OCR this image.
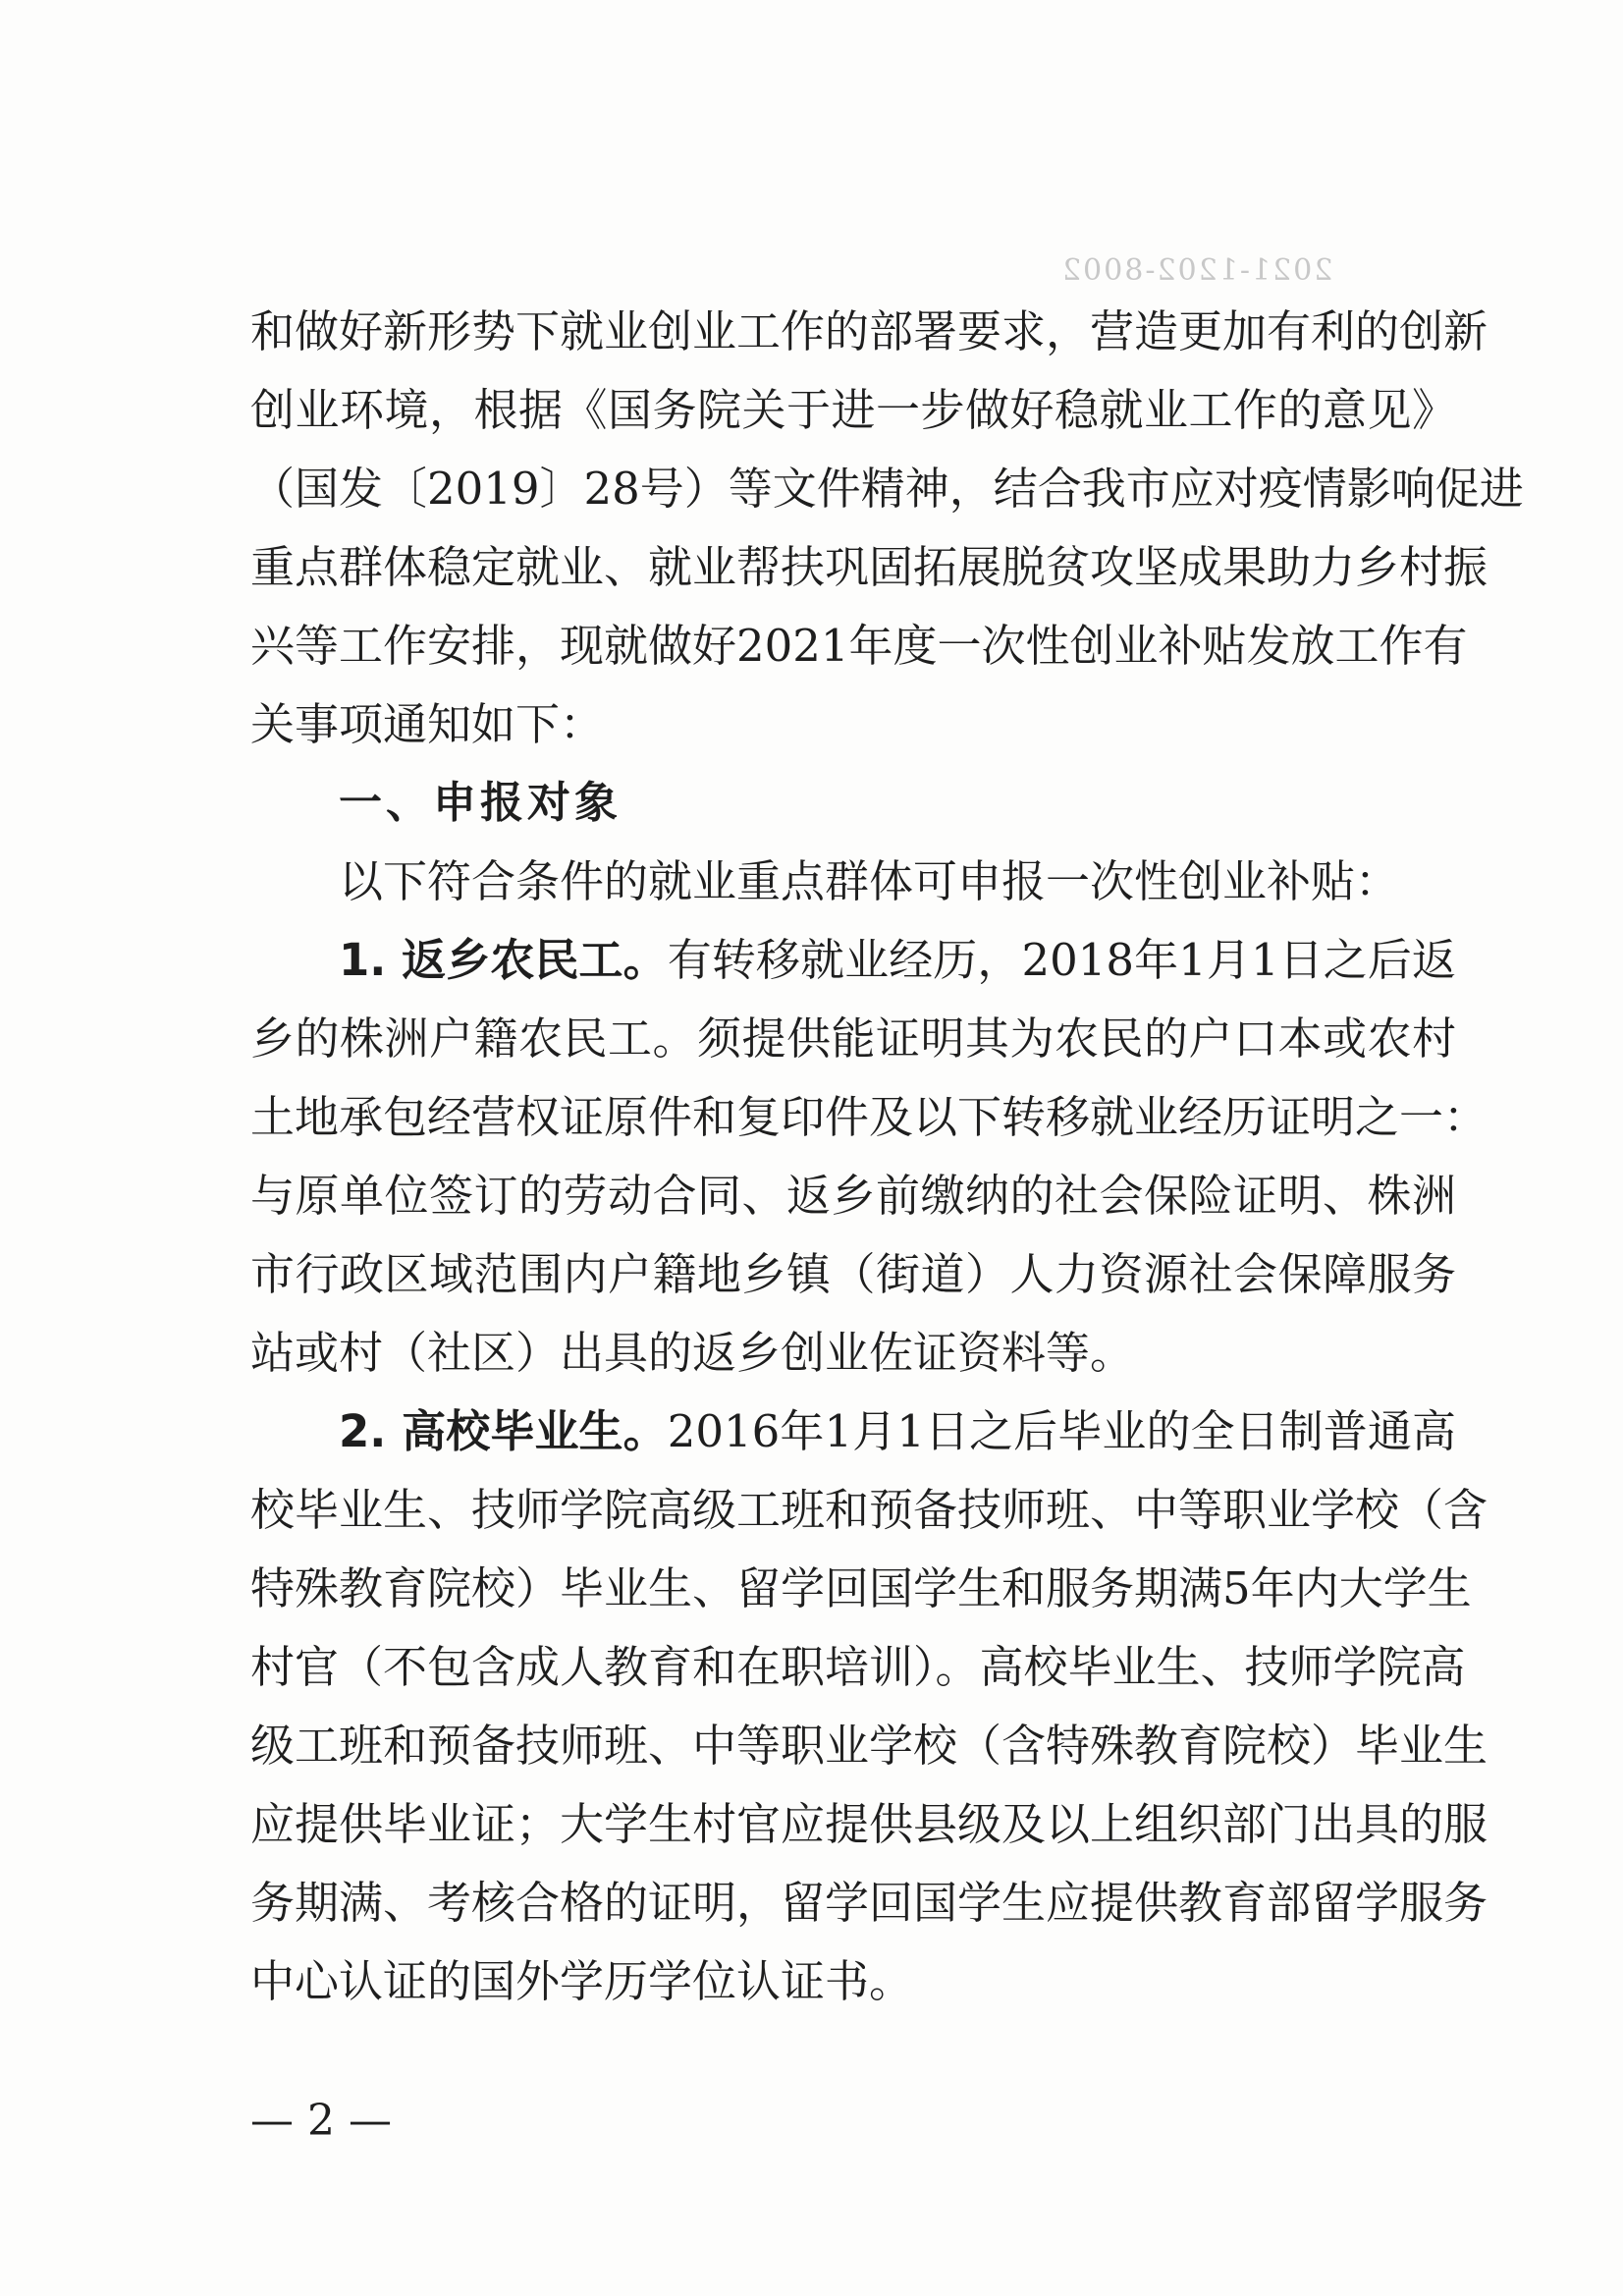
2021-1202-8002
和做好新形势下就业创业工作的部署要求，营造更加有利的创新
创业环境，根据《国务院关于进一步做好稳就业工作的意见》
（国发〔2019〕28号）等文件精神，结合我市应对疫情影响促进
重点群体稳定就业、就业帮扶巩固拓展脱贫攻坚成果助力乡村振
兴等工作安排，现就做好2021年度一次性创业补贴发放工作有
关事项通知如下：
一、申报对象
以下符合条件的就业重点群体可申报一次性创业补贴：
1. 返乡农民工。有转移就业经历，2018年1月1日之后返
乡的株洲户籍农民工。须提供能证明其为农民的户口本或农村
土地承包经营权证原件和复印件及以下转移就业经历证明之一：
与原单位签订的劳动合同、返乡前缴纳的社会保险证明、株洲
市行政区域范围内户籍地乡镇（街道）人力资源社会保障服务
站或村（社区）出具的返乡创业佐证资料等。
2. 高校毕业生。2016年1月1日之后毕业的全日制普通高
校毕业生、技师学院高级工班和预备技师班、中等职业学校（含
特殊教育院校）毕业生、留学回国学生和服务期满5年内大学生
村官（不包含成人教育和在职培训）。高校毕业生、技师学院高
级工班和预备技师班、中等职业学校（含特殊教育院校）毕业生
应提供毕业证；大学生村官应提供县级及以上组织部门出具的服
务期满、考核合格的证明，留学回国学生应提供教育部留学服务
中心认证的国外学历学位认证书。
— 2 —
